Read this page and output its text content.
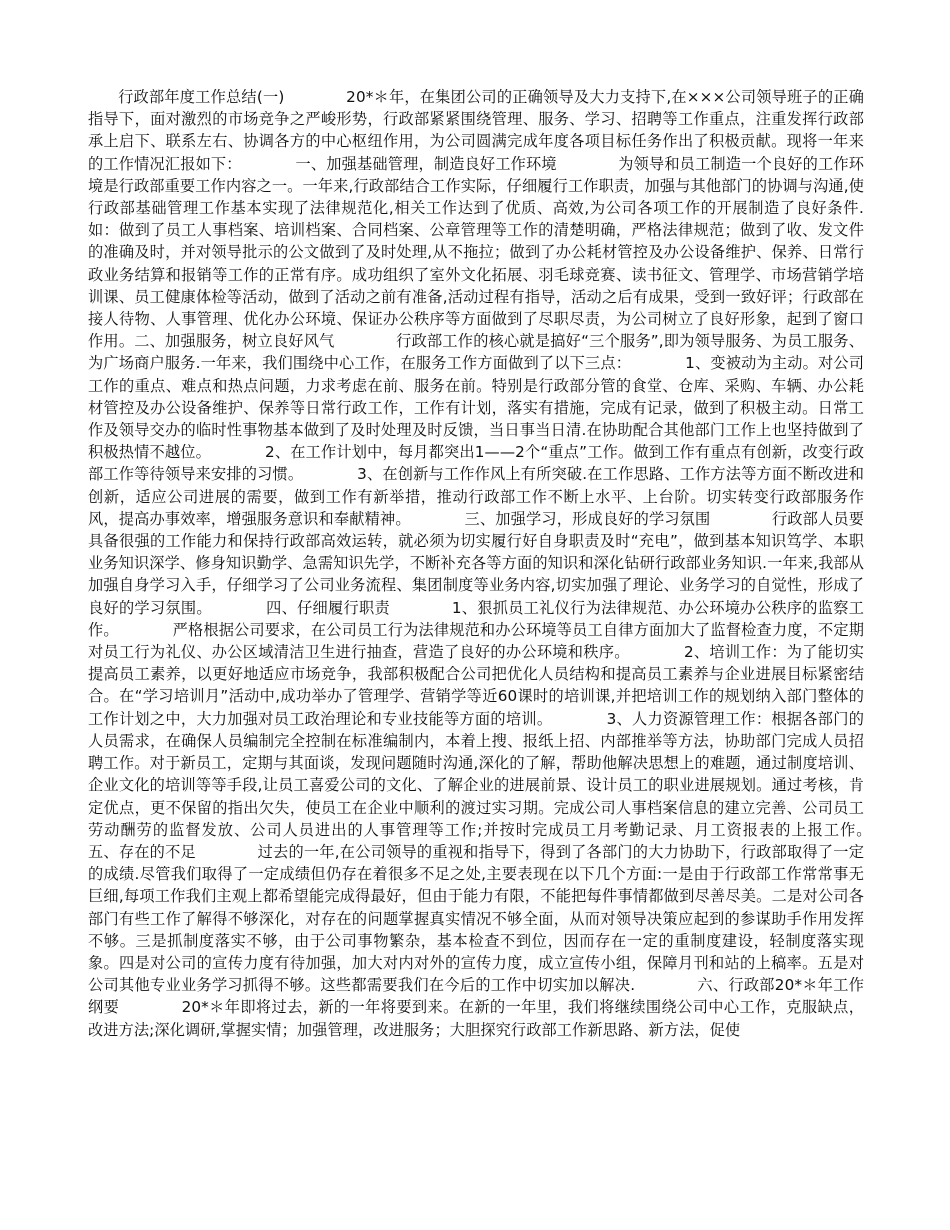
行政部年度工作总结(一)　　　　20*＊年，在集团公司的正确领导及大力支持下,在×××公司领导班子的正确指导下，面对激烈的市场竞争之严峻形势，行政部紧紧围绕管理、服务、学习、招聘等工作重点，注重发挥行政部承上启下、联系左右、协调各方的中心枢纽作用，为公司圆满完成年度各项目标任务作出了积极贡献。现将一年来的工作情况汇报如下：　　　　一、加强基础管理，制造良好工作环境　　　　为领导和员工制造一个良好的工作环境是行政部重要工作内容之一。一年来,行政部结合工作实际，仔细履行工作职责，加强与其他部门的协调与沟通,使行政部基础管理工作基本实现了法律规范化,相关工作达到了优质、高效,为公司各项工作的开展制造了良好条件.　　　　如：做到了员工人事档案、培训档案、合同档案、公章管理等工作的清楚明确，严格法律规范；做到了收、发文件的准确及时，并对领导批示的公文做到了及时处理,从不拖拉；做到了办公耗材管控及办公设备维护、保养、日常行政业务结算和报销等工作的正常有序。成功组织了室外文化拓展、羽毛球竞赛、读书征文、管理学、市场营销学培训课、员工健康体检等活动，做到了活动之前有准备,活动过程有指导，活动之后有成果，受到一致好评；行政部在接人待物、人事管理、优化办公环境、保证办公秩序等方面做到了尽职尽责，为公司树立了良好形象，起到了窗口作用。二、加强服务，树立良好风气　　　　行政部工作的核心就是搞好“三个服务”,即为领导服务、为员工服务、为广场商户服务.一年来，我们围绕中心工作，在服务工作方面做到了以下三点：　　　　1、变被动为主动。对公司工作的重点、难点和热点问题，力求考虑在前、服务在前。特别是行政部分管的食堂、仓库、采购、车辆、办公耗材管控及办公设备维护、保养等日常行政工作，工作有计划，落实有措施，完成有记录，做到了积极主动。日常工作及领导交办的临时性事物基本做到了及时处理及时反馈，当日事当日清.在协助配合其他部门工作上也坚持做到了积极热情不越位。　　　　2、在工作计划中，每月都突出1——2个“重点”工作。做到工作有重点有创新，改变行政部工作等待领导来安排的习惯。　　　　3、在创新与工作作风上有所突破.在工作思路、工作方法等方面不断改进和创新，适应公司进展的需要，做到工作有新举措，推动行政部工作不断上水平、上台阶。切实转变行政部服务作风，提高办事效率，增强服务意识和奉献精神。　　　　三、加强学习，形成良好的学习氛围　　　　行政部人员要具备很强的工作能力和保持行政部高效运转，就必须为切实履行好自身职责及时“充电”，做到基本知识笃学、本职业务知识深学、修身知识勤学、急需知识先学，不断补充各等方面的知识和深化钻研行政部业务知识.一年来,我部从加强自身学习入手，仔细学习了公司业务流程、集团制度等业务内容,切实加强了理论、业务学习的自觉性，形成了良好的学习氛围。　　　　四、仔细履行职责　　　　1、狠抓员工礼仪行为法律规范、办公环境办公秩序的监察工作。　　　　严格根据公司要求，在公司员工行为法律规范和办公环境等员工自律方面加大了监督检查力度，不定期对员工行为礼仪、办公区域清洁卫生进行抽查，营造了良好的办公环境和秩序。　　　　2、培训工作：为了能切实提高员工素养，以更好地适应市场竞争，我部积极配合公司把优化人员结构和提高员工素养与企业进展目标紧密结合。在“学习培训月”活动中,成功举办了管理学、营销学等近60课时的培训课,并把培训工作的规划纳入部门整体的工作计划之中，大力加强对员工政治理论和专业技能等方面的培训。　　　　3、人力资源管理工作：根据各部门的人员需求，在确保人员编制完全控制在标准编制内，本着上搜、报纸上招、内部推举等方法，协助部门完成人员招聘工作。对于新员工，定期与其面谈，发现问题随时沟通,深化的了解，帮助他解决思想上的难题，通过制度培训、企业文化的培训等等手段,让员工喜爱公司的文化、了解企业的进展前景、设计员工的职业进展规划。通过考核，肯定优点，更不保留的指出欠失，使员工在企业中顺利的渡过实习期。完成公司人事档案信息的建立完善、公司员工劳动酬劳的监督发放、公司人员进出的人事管理等工作;并按时完成员工月考勤记录、月工资报表的上报工作。　　　　五、存在的不足　　　　过去的一年,在公司领导的重视和指导下，得到了各部门的大力协助下，行政部取得了一定的成绩.尽管我们取得了一定成绩但仍存在着很多不足之处,主要表现在以下几个方面:一是由于行政部工作常常事无巨细,每项工作我们主观上都希望能完成得最好，但由于能力有限，不能把每件事情都做到尽善尽美。二是对公司各部门有些工作了解得不够深化，对存在的问题掌握真实情况不够全面，从而对领导决策应起到的参谋助手作用发挥不够。三是抓制度落实不够，由于公司事物繁杂，基本检查不到位，因而存在一定的重制度建设，轻制度落实现象。四是对公司的宣传力度有待加强，加大对内对外的宣传力度，成立宣传小组，保障月刊和站的上稿率。五是对公司其他专业业务学习抓得不够。这些都需要我们在今后的工作中切实加以解决.　　　　六、行政部20*＊年工作纲要　　　　20*＊年即将过去，新的一年将要到来。在新的一年里，我们将继续围绕公司中心工作，克服缺点，改进方法;深化调研,掌握实情；加强管理，改进服务；大胆探究行政部工作新思路、新方法，促使
